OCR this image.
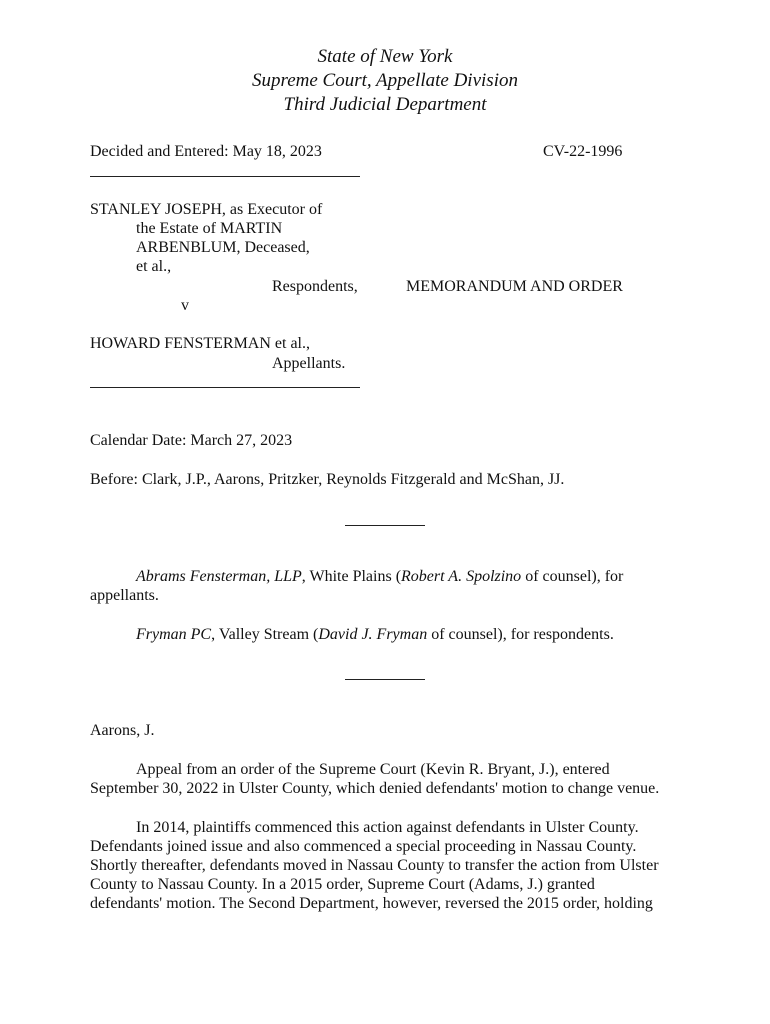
State of New York
Supreme Court, Appellate Division
Third Judicial Department
Decided and Entered: May 18, 2023	CV-22-1996
STANLEY JOSEPH, as Executor of
the Estate of MARTIN
ARBENBLUM, Deceased,
et al.,
Respondents,	MEMORANDUM AND ORDER
v
HOWARD FENSTERMAN et al.,
Appellants.
Calendar Date: March 27, 2023
Before: Clark, J.P., Aarons, Pritzker, Reynolds Fitzgerald and McShan, JJ.
Abrams Fensterman, LLP, White Plains (Robert A. Spolzino of counsel), for
appellants.
Fryman PC, Valley Stream (David J. Fryman of counsel), for respondents.
Aarons, J.
Appeal from an order of the Supreme Court (Kevin R. Bryant, J.), entered
September 30, 2022 in Ulster County, which denied defendants' motion to change venue.
In 2014, plaintiffs commenced this action against defendants in Ulster County.
Defendants joined issue and also commenced a special proceeding in Nassau County.
Shortly thereafter, defendants moved in Nassau County to transfer the action from Ulster
County to Nassau County. In a 2015 order, Supreme Court (Adams, J.) granted
defendants' motion. The Second Department, however, reversed the 2015 order, holding
